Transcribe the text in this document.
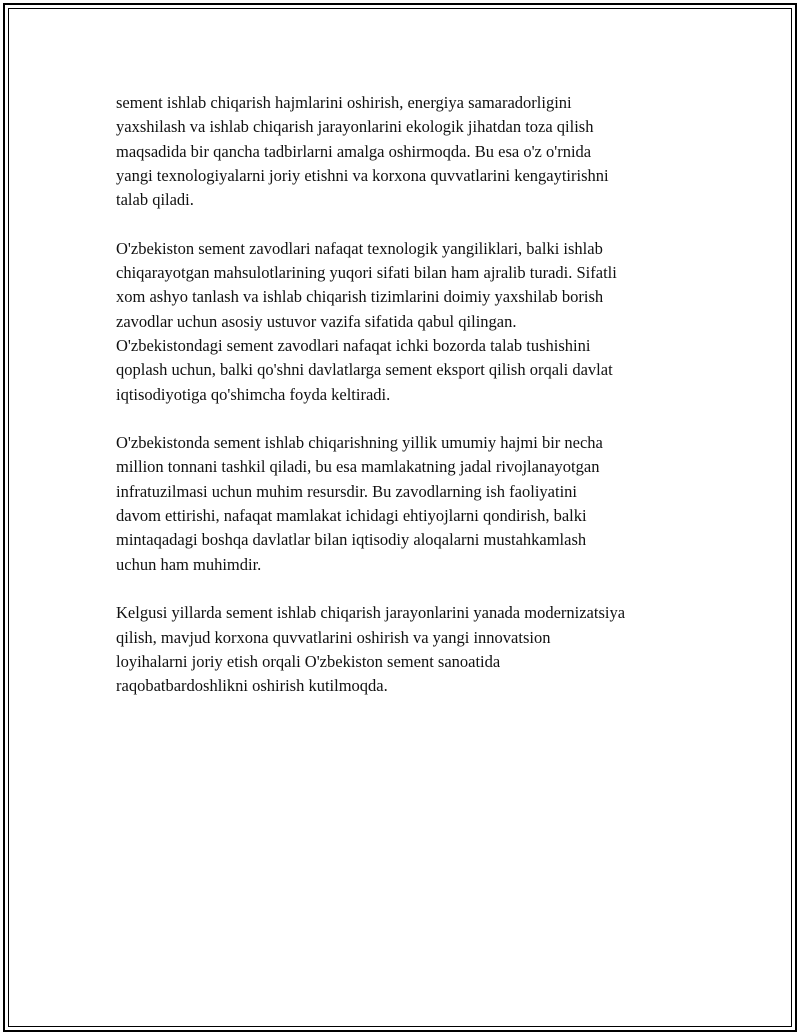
sement ishlab chiqarish hajmlarini oshirish, energiya samaradorligini
yaxshilash va ishlab chiqarish jarayonlarini ekologik jihatdan toza qilish
maqsadida bir qancha tadbirlarni amalga oshirmoqda. Bu esa o'z o'rnida
yangi texnologiyalarni joriy etishni va korxona quvvatlarini kengaytirishni
talab qiladi.

O'zbekiston sement zavodlari nafaqat texnologik yangiliklari, balki ishlab
chiqarayotgan mahsulotlarining yuqori sifati bilan ham ajralib turadi. Sifatli
xom ashyo tanlash va ishlab chiqarish tizimlarini doimiy yaxshilab borish
zavodlar uchun asosiy ustuvor vazifa sifatida qabul qilingan.
O'zbekistondagi sement zavodlari nafaqat ichki bozorda talab tushishini
qoplash uchun, balki qo'shni davlatlarga sement eksport qilish orqali davlat
iqtisodiyotiga qo'shimcha foyda keltiradi.

O'zbekistonda sement ishlab chiqarishning yillik umumiy hajmi bir necha
million tonnani tashkil qiladi, bu esa mamlakatning jadal rivojlanayotgan
infratuzilmasi uchun muhim resursdir. Bu zavodlarning ish faoliyatini
davom ettirishi, nafaqat mamlakat ichidagi ehtiyojlarni qondirish, balki
mintaqadagi boshqa davlatlar bilan iqtisodiy aloqalarni mustahkamlash
uchun ham muhimdir.

Kelgusi yillarda sement ishlab chiqarish jarayonlarini yanada modernizatsiya
qilish, mavjud korxona quvvatlarini oshirish va yangi innovatsion
loyihalarni joriy etish orqali O'zbekiston sement sanoatida
raqobatbardoshlikni oshirish kutilmoqda.
